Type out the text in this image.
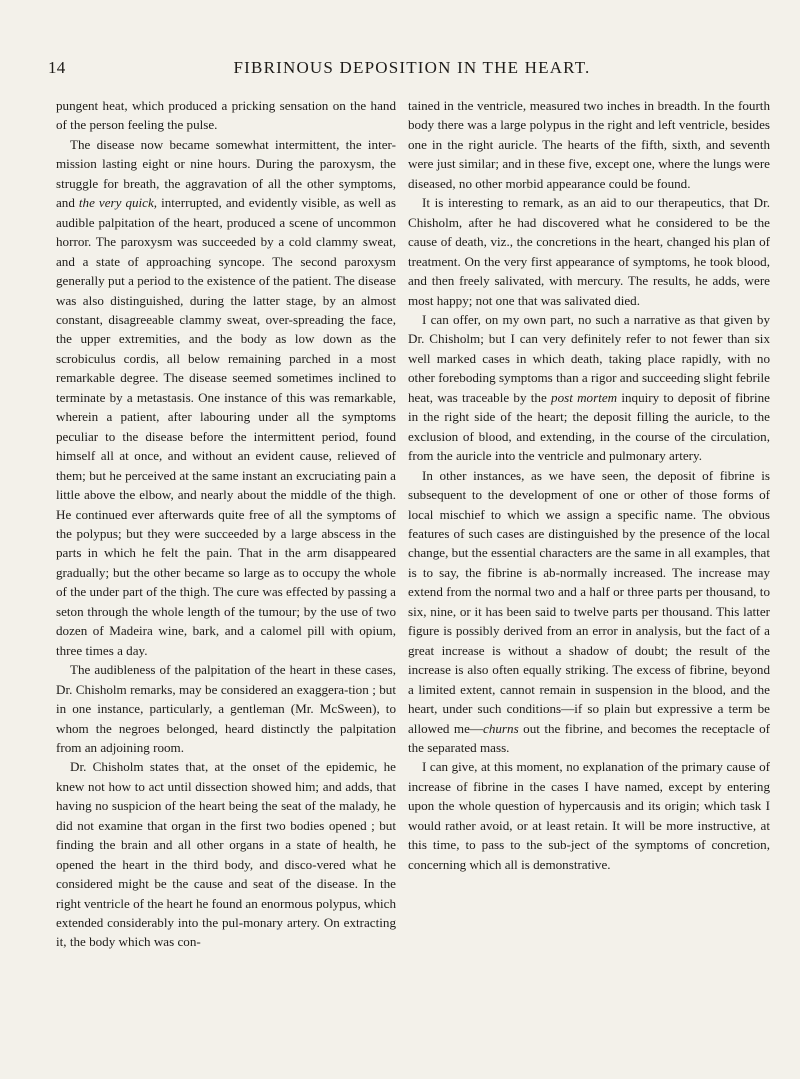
14	FIBRINOUS DEPOSITION IN THE HEART.

pungent heat, which produced a pricking sensation on the hand of the person feeling the pulse.

The disease now became somewhat intermittent, the inter-mission lasting eight or nine hours. During the paroxysm, the struggle for breath, the aggravation of all the other symptoms, and the very quick, interrupted, and evidently visible, as well as audible palpitation of the heart, produced a scene of uncommon horror. The paroxysm was succeeded by a cold clammy sweat, and a state of approaching syncope. The second paroxysm generally put a period to the existence of the patient. The disease was also distinguished, during the latter stage, by an almost constant, disagreeable clammy sweat, over-spreading the face, the upper extremities, and the body as low down as the scrobiculus cordis, all below remaining parched in a most remarkable degree. The disease seemed sometimes inclined to terminate by a metastasis. One instance of this was remarkable, wherein a patient, after labouring under all the symptoms peculiar to the disease before the intermittent period, found himself all at once, and without an evident cause, relieved of them; but he perceived at the same instant an excruciating pain a little above the elbow, and nearly about the middle of the thigh. He continued ever afterwards quite free of all the symptoms of the polypus; but they were succeeded by a large abscess in the parts in which he felt the pain. That in the arm disappeared gradually; but the other became so large as to occupy the whole of the under part of the thigh. The cure was effected by passing a seton through the whole length of the tumour; by the use of two dozen of Madeira wine, bark, and a calomel pill with opium, three times a day.

The audibleness of the palpitation of the heart in these cases, Dr. Chisholm remarks, may be considered an exaggera-tion ; but in one instance, particularly, a gentleman (Mr. McSween), to whom the negroes belonged, heard distinctly the palpitation from an adjoining room.

Dr. Chisholm states that, at the onset of the epidemic, he knew not how to act until dissection showed him; and adds, that having no suspicion of the heart being the seat of the malady, he did not examine that organ in the first two bodies opened ; but finding the brain and all other organs in a state of health, he opened the heart in the third body, and disco-vered what he considered might be the cause and seat of the disease. In the right ventricle of the heart he found an enormous polypus, which extended considerably into the pul-monary artery. On extracting it, the body which was con-

tained in the ventricle, measured two inches in breadth. In the fourth body there was a large polypus in the right and left ventricle, besides one in the right auricle. The hearts of the fifth, sixth, and seventh were just similar; and in these five, except one, where the lungs were diseased, no other morbid appearance could be found.

It is interesting to remark, as an aid to our therapeutics, that Dr. Chisholm, after he had discovered what he considered to be the cause of death, viz., the concretions in the heart, changed his plan of treatment. On the very first appearance of symptoms, he took blood, and then freely salivated, with mercury. The results, he adds, were most happy; not one that was salivated died.

I can offer, on my own part, no such a narrative as that given by Dr. Chisholm; but I can very definitely refer to not fewer than six well marked cases in which death, taking place rapidly, with no other foreboding symptoms than a rigor and succeeding slight febrile heat, was traceable by the post mortem inquiry to deposit of fibrine in the right side of the heart; the deposit filling the auricle, to the exclusion of blood, and extending, in the course of the circulation, from the auricle into the ventricle and pulmonary artery.

In other instances, as we have seen, the deposit of fibrine is subsequent to the development of one or other of those forms of local mischief to which we assign a specific name. The obvious features of such cases are distinguished by the presence of the local change, but the essential characters are the same in all examples, that is to say, the fibrine is ab-normally increased. The increase may extend from the normal two and a half or three parts per thousand, to six, nine, or it has been said to twelve parts per thousand. This latter figure is possibly derived from an error in analysis, but the fact of a great increase is without a shadow of doubt; the result of the increase is also often equally striking. The excess of fibrine, beyond a limited extent, cannot remain in suspension in the blood, and the heart, under such conditions—if so plain but expressive a term be allowed me—churns out the fibrine, and becomes the receptacle of the separated mass.

I can give, at this moment, no explanation of the primary cause of increase of fibrine in the cases I have named, except by entering upon the whole question of hypercausis and its origin; which task I would rather avoid, or at least retain. It will be more instructive, at this time, to pass to the sub-ject of the symptoms of concretion, concerning which all is demonstrative.
